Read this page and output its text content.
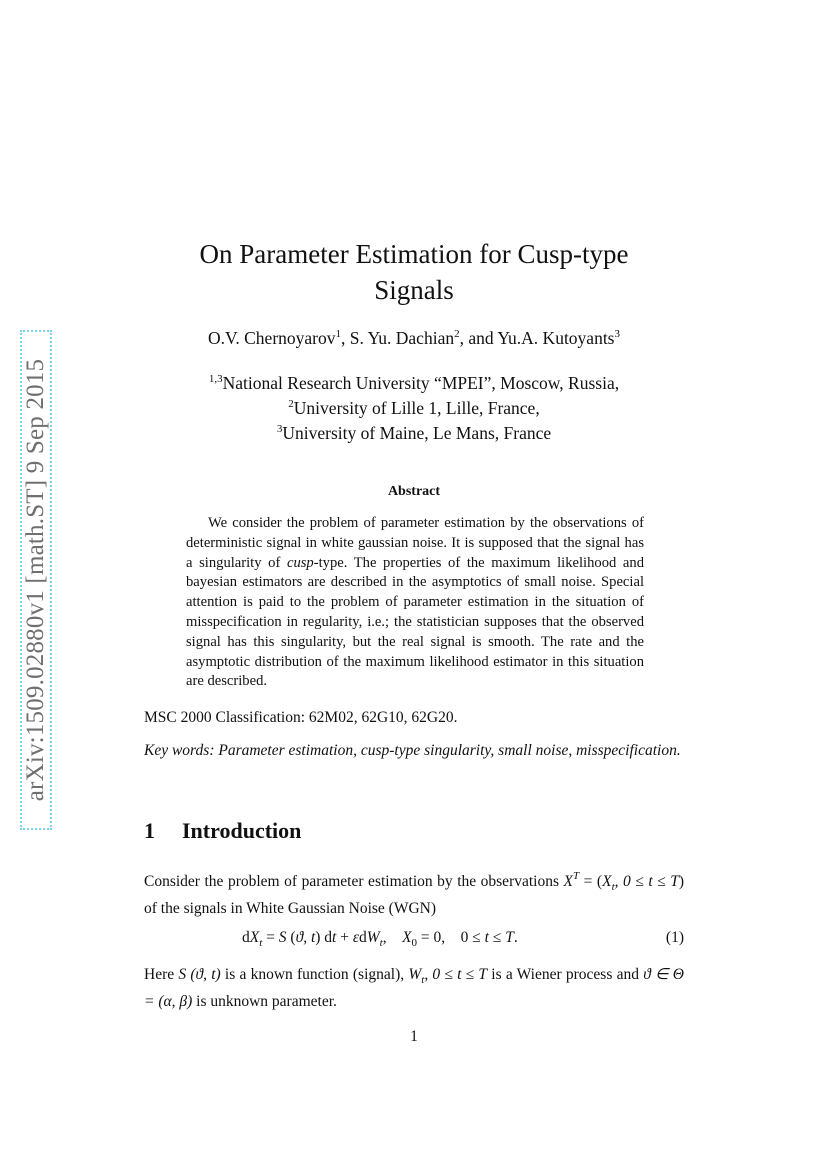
arXiv:1509.02880v1 [math.ST] 9 Sep 2015
On Parameter Estimation for Cusp-type
Signals
O.V. Chernoyarov$^1$, S. Yu. Dachian$^2$, and Yu.A. Kutoyants$^3$
$^{1,3}$National Research University “MPEI”, Moscow, Russia,
$^2$University of Lille 1, Lille, France,
$^3$University of Maine, Le Mans, France
Abstract
We consider the problem of parameter estimation by the observations of deterministic signal in white gaussian noise. It is supposed that the signal has a singularity of cusp-type. The properties of the maximum likelihood and bayesian estimators are described in the asymptotics of small noise. Special attention is paid to the problem of parameter estimation in the situation of misspecification in regularity, i.e.; the statistician supposes that the observed signal has this singularity, but the real signal is smooth. The rate and the asymptotic distribution of the maximum likelihood estimator in this situation are described.
MSC 2000 Classification: 62M02, 62G10, 62G20.
Key words: Parameter estimation, cusp-type singularity, small noise, misspecification.
1 Introduction
Consider the problem of parameter estimation by the observations $X^T = (X_t$, 0 ≤ t ≤ T) of the signals in White Gaussian Noise (WGN)
$dX_t = S$ (ϑ, t) dt + εdW$_t$,    $X_0 = 0$,    0 ≤ t ≤ T.	(1)
Here S (ϑ, t) is a known function (signal), $W_t$, 0 ≤ t ≤ T is a Wiener process and ϑ ∈ Θ = (α, β) is unknown parameter.
1
